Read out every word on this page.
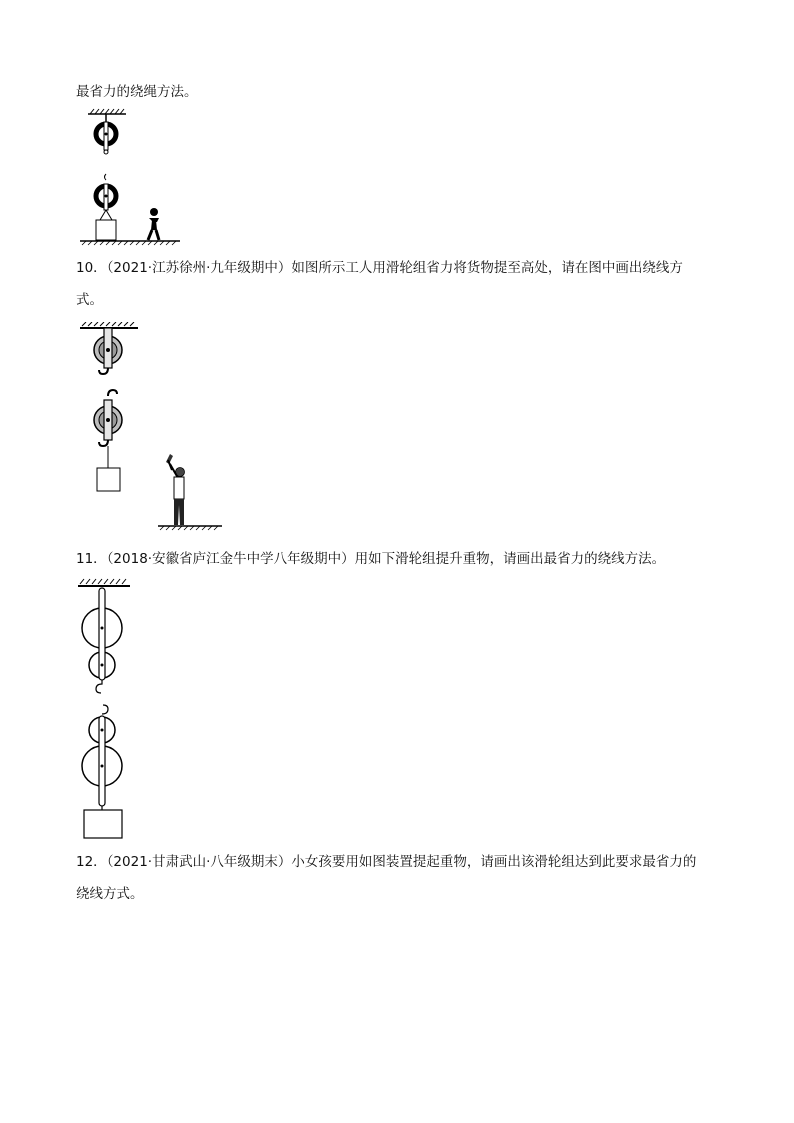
最省力的绕绳方法。
10．（2021·江苏徐州·九年级期中）如图所示工人用滑轮组省力将货物提至高处，请在图中画出绕线方
式。
11．（2018·安徽省庐江金牛中学八年级期中）用如下滑轮组提升重物，请画出最省力的绕线方法。
12．（2021·甘肃武山·八年级期末）小女孩要用如图装置提起重物，请画出该滑轮组达到此要求最省力的
绕线方式。
